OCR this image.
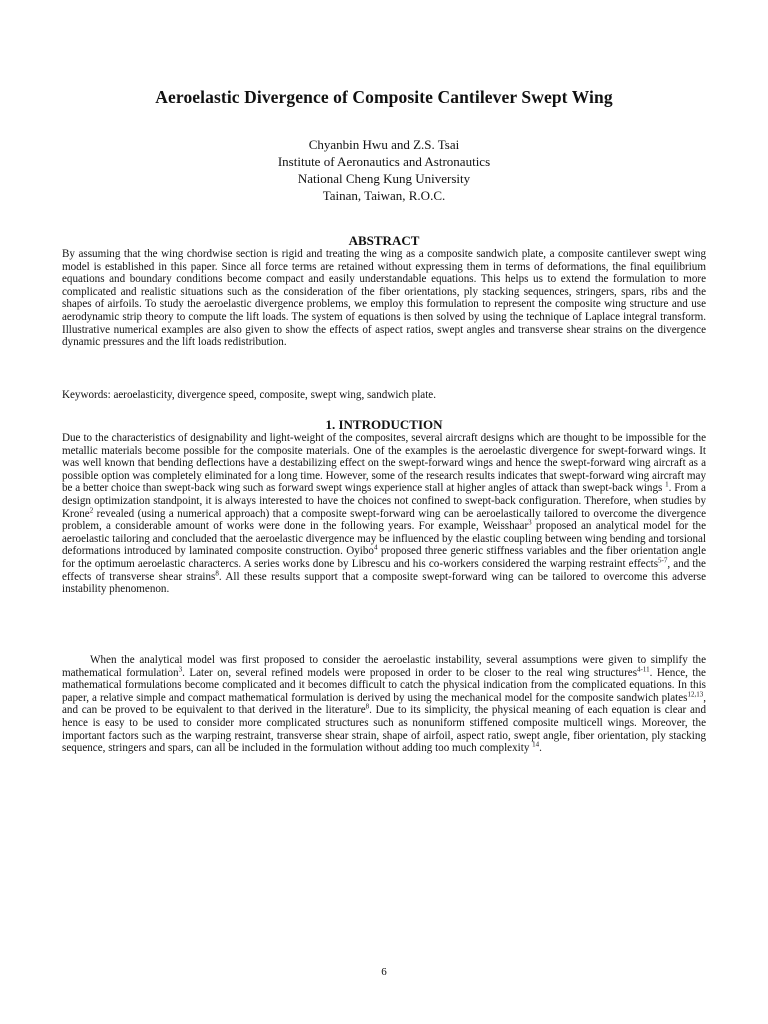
Aeroelastic Divergence of Composite Cantilever Swept Wing
Chyanbin Hwu and Z.S. Tsai
Institute of Aeronautics and Astronautics
National Cheng Kung University
Tainan, Taiwan, R.O.C.
ABSTRACT
By assuming that the wing chordwise section is rigid and treating the wing as a composite sandwich plate, a composite cantilever swept wing model is established in this paper. Since all force terms are retained without expressing them in terms of deformations, the final equilibrium equations and boundary conditions become compact and easily understandable equations. This helps us to extend the formulation to more complicated and realistic situations such as the consideration of the fiber orientations, ply stacking sequences, stringers, spars, ribs and the shapes of airfoils. To study the aeroelastic divergence problems, we employ this formulation to represent the composite wing structure and use aerodynamic strip theory to compute the lift loads. The system of equations is then solved by using the technique of Laplace integral transform. Illustrative numerical examples are also given to show the effects of aspect ratios, swept angles and transverse shear strains on the divergence dynamic pressures and the lift loads redistribution.
Keywords: aeroelasticity, divergence speed, composite, swept wing, sandwich plate.
1. INTRODUCTION
Due to the characteristics of designability and light-weight of the composites, several aircraft designs which are thought to be impossible for the metallic materials become possible for the composite materials. One of the examples is the aeroelastic divergence for swept-forward wings. It was well known that bending deflections have a destabilizing effect on the swept-forward wings and hence the swept-forward wing aircraft as a possible option was completely eliminated for a long time. However, some of the research results indicates that swept-forward wing aircraft may be a better choice than swept-back wing such as forward swept wings experience stall at higher angles of attack than swept-back wings $^1$. From a design optimization standpoint, it is always interested to have the choices not confined to swept-back configuration. Therefore, when studies by Krone$^2$ revealed (using a numerical approach) that a composite swept-forward wing can be aeroelastically tailored to overcome the divergence problem, a considerable amount of works were done in the following years. For example, Weisshaar$^3$ proposed an analytical model for the aeroelastic tailoring and concluded that the aeroelastic divergence may be influenced by the elastic coupling between wing bending and torsional deformations introduced by laminated composite construction. Oyibo$^4$ proposed three generic stiffness variables and the fiber orientation angle for the optimum aeroelastic charactercs. A series works done by Librescu and his co-workers considered the warping restraint effects$^{5-7}$, and the effects of transverse shear strains$^8$. All these results support that a composite swept-forward wing can be tailored to overcome this adverse instability phenomenon.
When the analytical model was first proposed to consider the aeroelastic instability, several assumptions were given to simplify the mathematical formulation$^3$. Later on, several refined models were proposed in order to be closer to the real wing structures$^{4-11}$. Hence, the mathematical formulations become complicated and it becomes difficult to catch the physical indication from the complicated equations. In this paper, a relative simple and compact mathematical formulation is derived by using the mechanical model for the composite sandwich plates$^{12,13}$, and can be proved to be equivalent to that derived in the literature$^8$. Due to its simplicity, the physical meaning of each equation is clear and hence is easy to be used to consider more complicated structures such as nonuniform stiffened composite multicell wings. Moreover, the important factors such as the warping restraint, transverse shear strain, shape of airfoil, aspect ratio, swept angle, fiber orientation, ply stacking sequence, stringers and spars, can all be included in the formulation without adding too much complexity $^{14}$.
6
